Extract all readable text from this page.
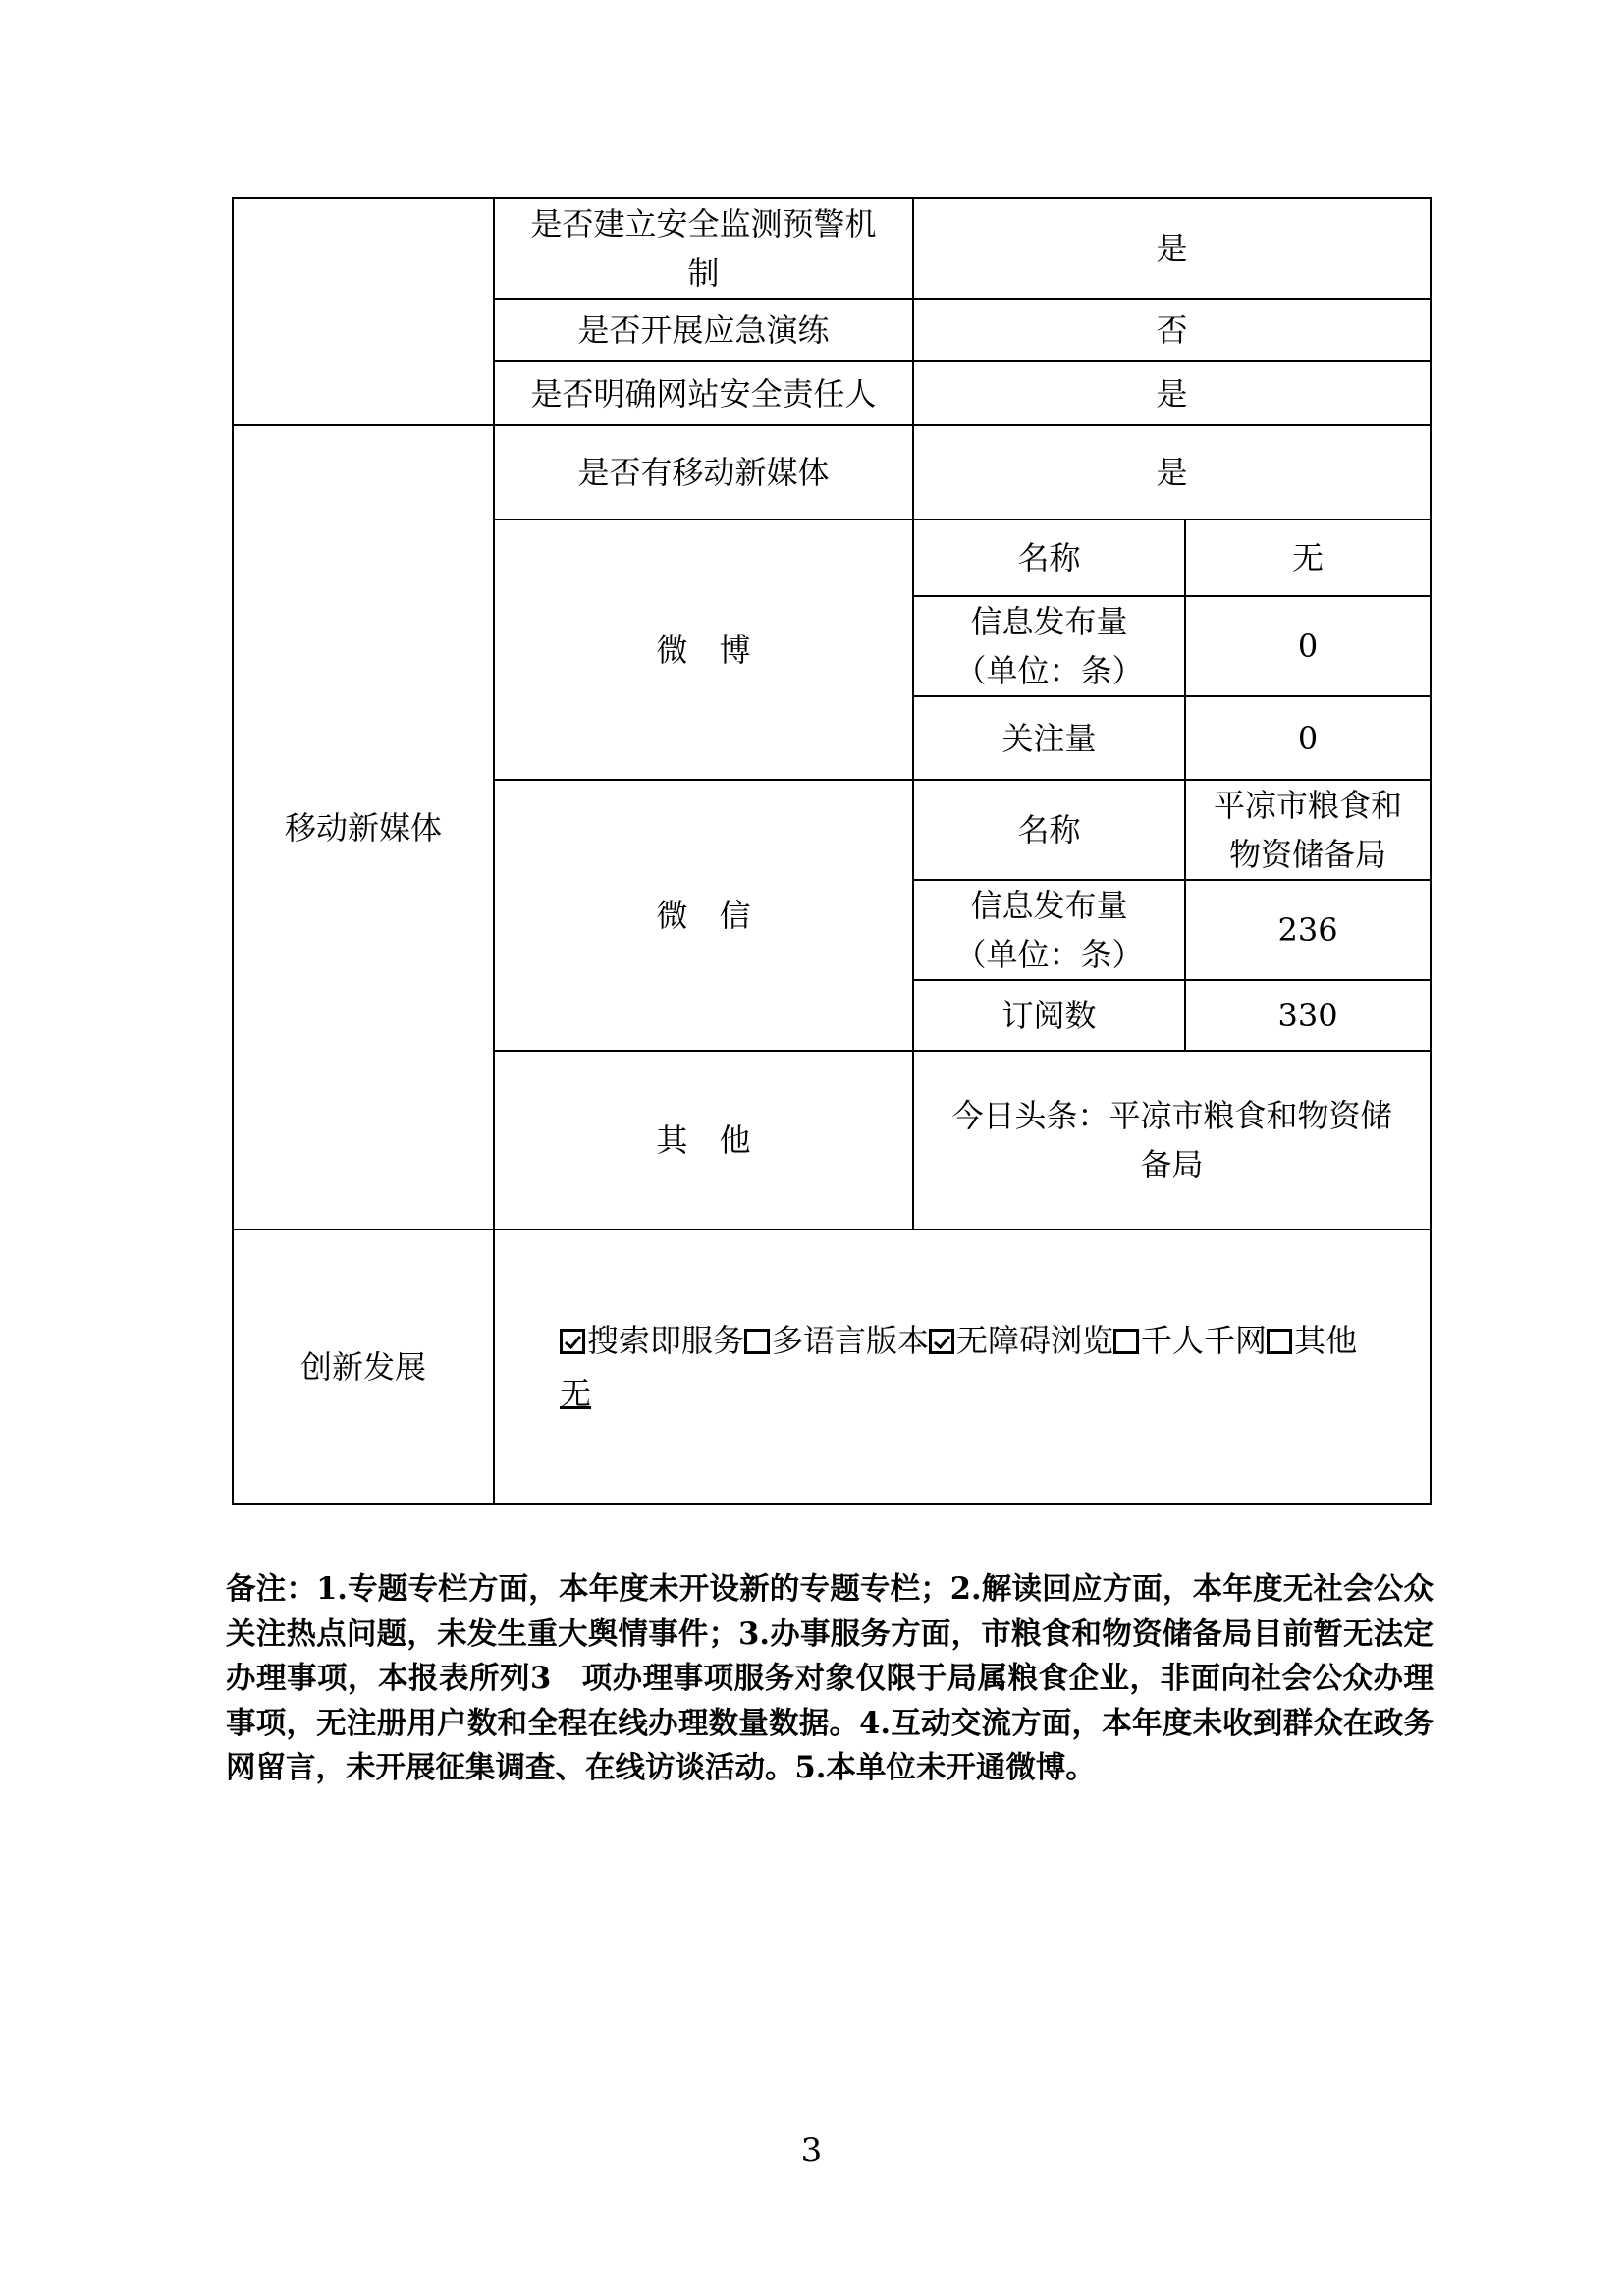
	是否建立安全监测预警机制	是	
	是否开展应急演练	否	
	是否明确网站安全责任人	是	
移动新媒体	是否有移动新媒体	是	
	微　博	名称	无
		信息发布量（单位：条）	0
		关注量	0
	微　信	名称	平凉市粮食和物资储备局
		信息发布量（单位：条）	236
		订阅数	330
	其　他	今日头条：平凉市粮食和物资储备局	
创新发展	搜索即服务 多语言版本 无障碍浏览 千人千网 其他
无		
备注：1.专题专栏方面，本年度未开设新的专题专栏；2.解读回应方面，本年度无社会公众关注热点问题，未发生重大舆情事件；3.办事服务方面，市粮食和物资储备局目前暂无法定办理事项，本报表所列3　项办理事项服务对象仅限于局属粮食企业，非面向社会公众办理事项，无注册用户数和全程在线办理数量数据。4.互动交流方面，本年度未收到群众在政务网留言，未开展征集调查、在线访谈活动。5.本单位未开通微博。
3
